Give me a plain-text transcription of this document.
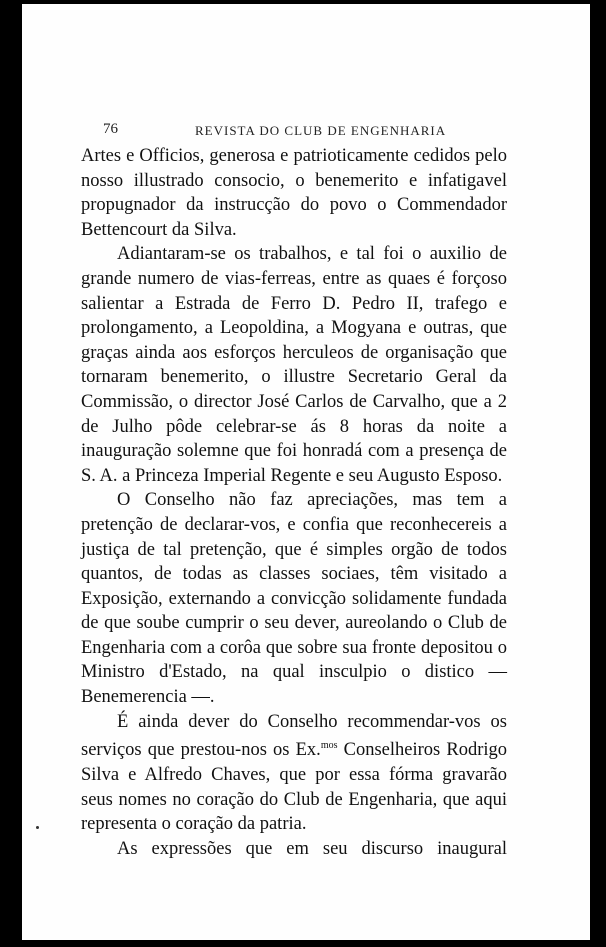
76	REVISTA DO CLUB DE ENGENHARIA

Artes e Officios, generosa e patrioticamente cedidos pelo nosso illustrado consocio, o benemerito e infatigavel propugnador da instrucção do povo o Commendador Bettencourt da Silva.

Adiantaram-se os trabalhos, e tal foi o auxilio de grande numero de vias-ferreas, entre as quaes é forçoso salientar a Estrada de Ferro D. Pedro II, trafego e prolongamento, a Leopoldina, a Mogyana e outras, que graças ainda aos esforços herculeos de organisação que tornaram benemerito, o illustre Secretario Geral da Commissão, o director José Carlos de Carvalho, que a 2 de Julho pôde celebrar-se ás 8 horas da noite a inauguração solemne que foi honradá com a presença de S. A. a Princeza Imperial Regente e seu Augusto Esposo.

O Conselho não faz apreciações, mas tem a pretenção de declarar-vos, e confia que reconhecereis a justiça de tal pretenção, que é simples orgão de todos quantos, de todas as classes sociaes, têm visitado a Exposição, externando a convicção solidamente fundada de que soube cumprir o seu dever, aureolando o Club de Engenharia com a corôa que sobre sua fronte depositou o Ministro d'Estado, na qual insculpio o distico — Benemerencia —.

É ainda dever do Conselho recommendar-vos os serviços que prestou-nos os Ex.$^{mos}$ Conselheiros Rodrigo Silva e Alfredo Chaves, que por essa fórma gravarão seus nomes no coração do Club de Engenharia, que aqui representa o coração da patria.

As expressões que em seu discurso inaugural
